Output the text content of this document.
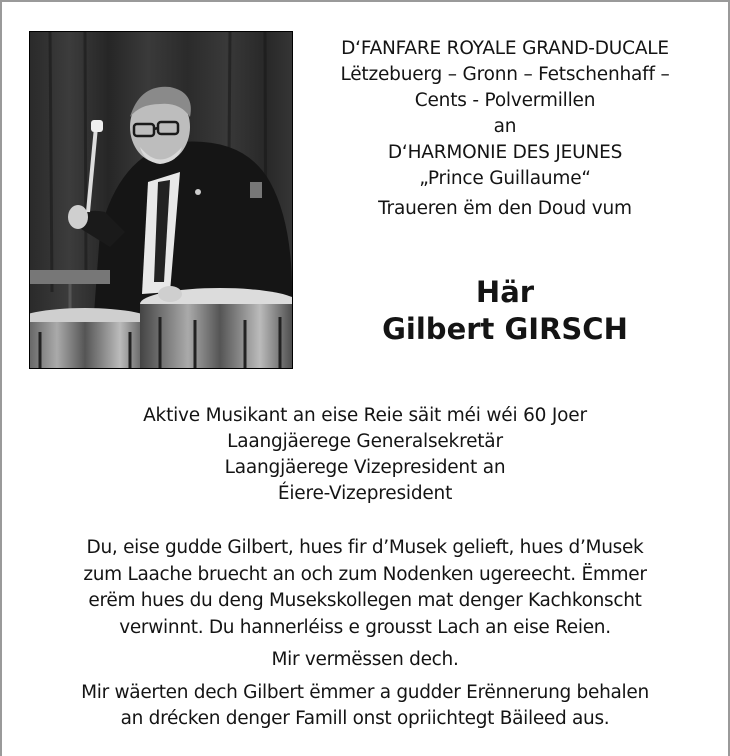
D‘FANFARE ROYALE GRAND-DUCALE
Lëtzebuerg – Gronn – Fetschenhaff –
Cents - Polvermillen
an
D‘HARMONIE DES JEUNES
„Prince Guillaume“
Traueren ëm den Doud vum
Här
Gilbert GIRSCH
Aktive Musikant an eise Reie säit méi wéi 60 Joer
Laangjäerege Generalsekretär
Laangjäerege Vizepresident an
Éiere-Vizepresident
Du, eise gudde Gilbert, hues fir d’Musek gelieft, hues d’Musek
zum Laache bruecht an och zum Nodenken ugereecht. Ëmmer
erëm hues du deng Musekskollegen mat denger Kachkonscht
verwinnt. Du hannerléiss e grousst Lach an eise Reien.
Mir vermëssen dech.
Mir wäerten dech Gilbert ëmmer a gudder Erënnerung behalen
an drécken denger Famill onst opriichtegt Bäileed aus.
